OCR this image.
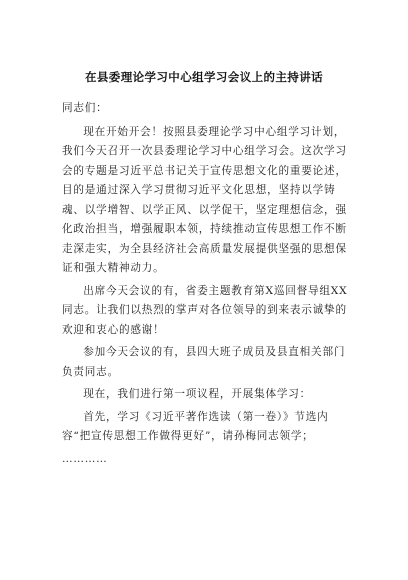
在县委理论学习中心组学习会议上的主持讲话

同志们：

现在开始开会！按照县委理论学习中心组学习计划，我们今天召开一次县委理论学习中心组学习会。这次学习会的专题是习近平总书记关于宣传思想文化的重要论述，目的是通过深入学习贯彻习近平文化思想，坚持以学铸魂、以学增智、以学正风、以学促干，坚定理想信念，强化政治担当，增强履职本领，持续推动宣传思想工作不断走深走实，为全县经济社会高质量发展提供坚强的思想保证和强大精神动力。

出席今天会议的有，省委主题教育第X巡回督导组XX同志。让我们以热烈的掌声对各位领导的到来表示诚挚的欢迎和衷心的感谢！

参加今天会议的有，县四大班子成员及县直相关部门负责同志。

现在，我们进行第一项议程，开展集体学习：

首先，学习《习近平著作选读（第一卷）》节选内容“把宣传思想工作做得更好”，请孙梅同志领学；

…………
